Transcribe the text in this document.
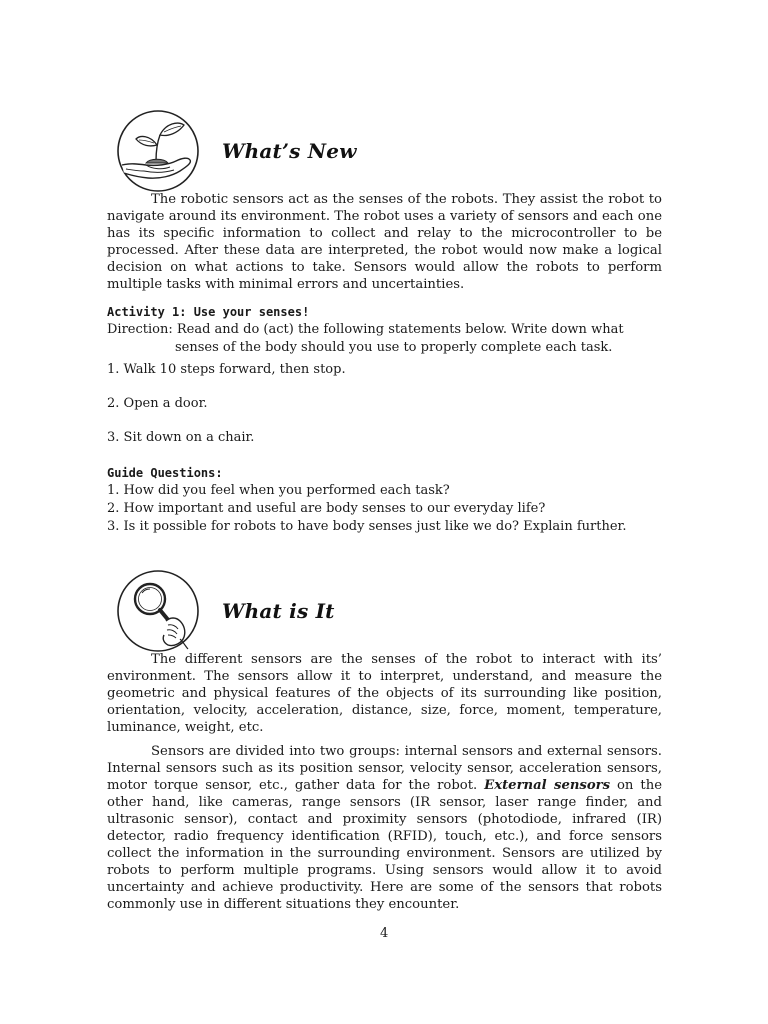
What’s New

The robotic sensors act as the senses of the robots. They assist the robot to navigate around its environment. The robot uses a variety of sensors and each one has its specific information to collect and relay to the microcontroller to be processed. After these data are interpreted, the robot would now make a logical decision on what actions to take. Sensors would allow the robots to perform multiple tasks with minimal errors and uncertainties.

Activity 1: Use your senses!

Direction: Read and do (act) the following statements below. Write down what senses of the body should you use to properly complete each task.

1. Walk 10 steps forward, then stop.

2. Open a door.

3. Sit down on a chair.

Guide Questions:

1. How did you feel when you performed each task?

2. How important and useful are body senses to our everyday life?

3. Is it possible for robots to have body senses just like we do? Explain further.

What is It

The different sensors are the senses of the robot to interact with its’ environment. The sensors allow it to interpret, understand, and measure the geometric and physical features of the objects of its surrounding like position, orientation, velocity, acceleration, distance, size, force, moment, temperature, luminance, weight, etc.

Sensors are divided into two groups: internal sensors and external sensors. Internal sensors such as its position sensor, velocity sensor, acceleration sensors, motor torque sensor, etc., gather data for the robot. External sensors on the other hand, like cameras, range sensors (IR sensor, laser range finder, and ultrasonic sensor), contact and proximity sensors (photodiode, infrared (IR) detector, radio frequency identification (RFID), touch, etc.), and force sensors collect the information in the surrounding environment. Sensors are utilized by robots to perform multiple programs. Using sensors would allow it to avoid uncertainty and achieve productivity. Here are some of the sensors that robots commonly use in different situations they encounter.

4
